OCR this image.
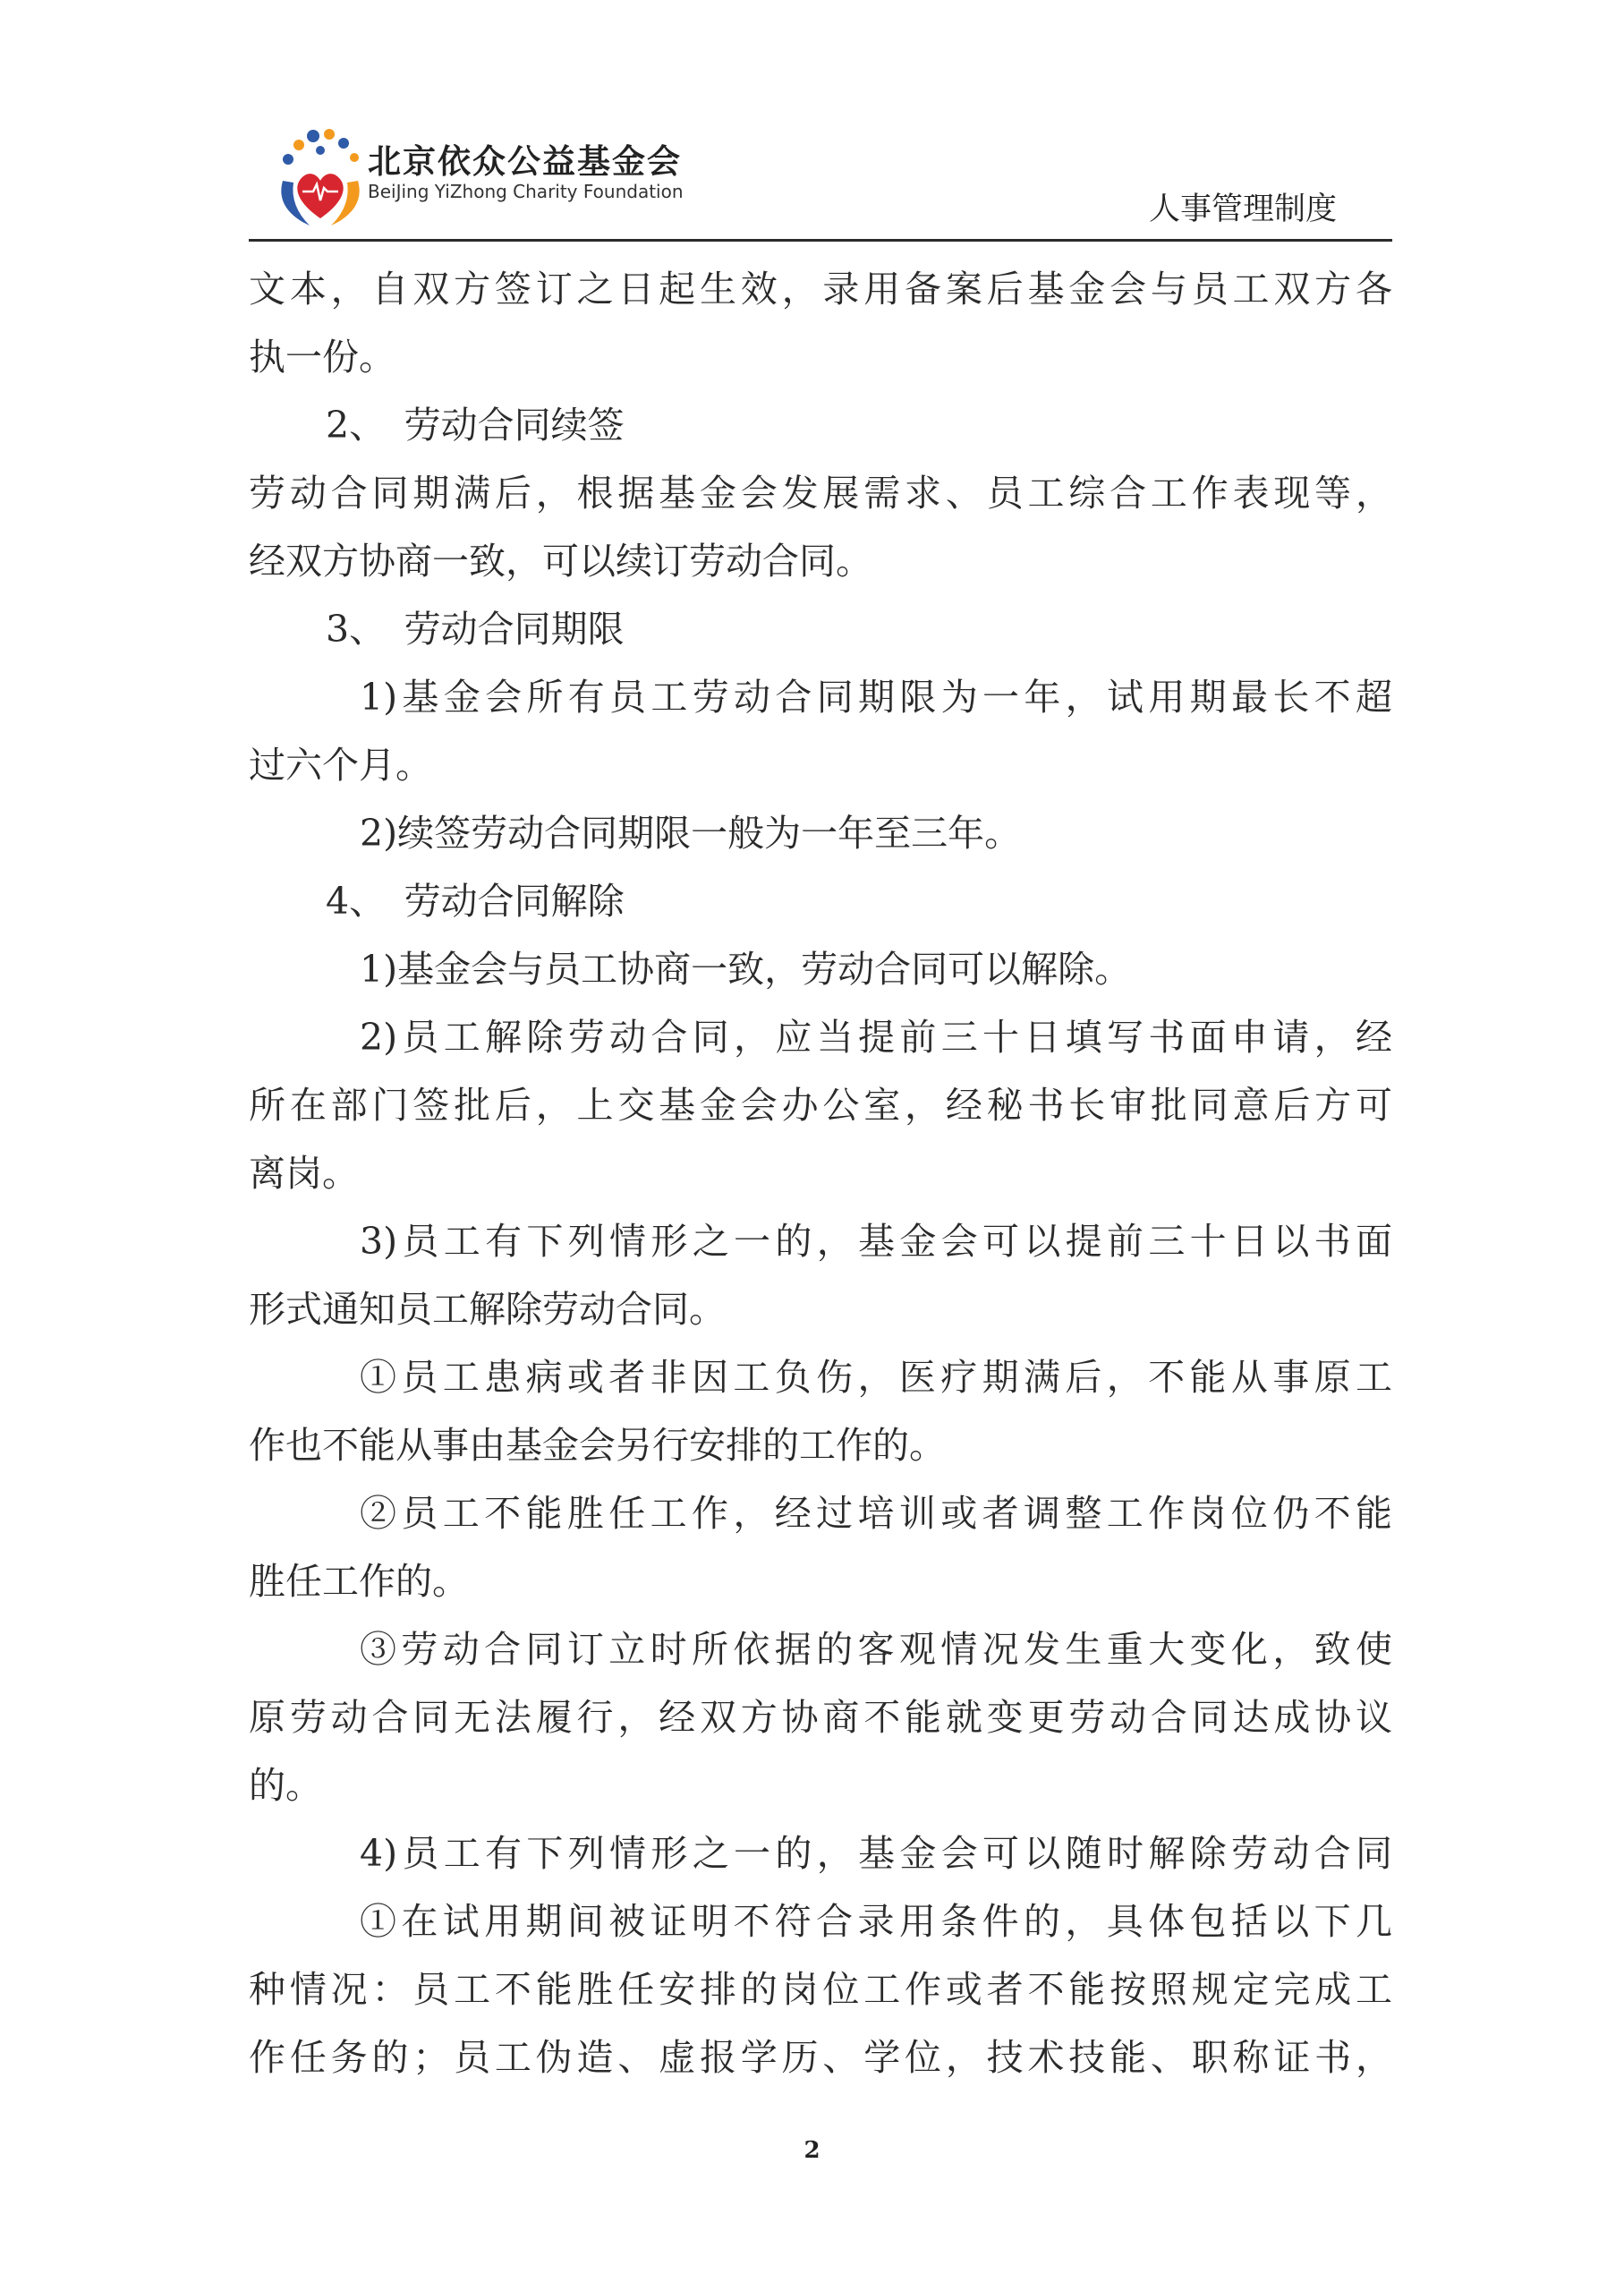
北京依众公益基金会
BeiJing YiZhong Charity Foundation	人事管理制度
文本，自双方签订之日起生效，录用备案后基金会与员工双方各
执一份。
2、　劳动合同续签
劳动合同期满后，根据基金会发展需求、员工综合工作表现等，
经双方协商一致，可以续订劳动合同。
3、　劳动合同期限
1)基金会所有员工劳动合同期限为一年，试用期最长不超
过六个月。
2)续签劳动合同期限一般为一年至三年。
4、　劳动合同解除
1)基金会与员工协商一致，劳动合同可以解除。
2)员工解除劳动合同，应当提前三十日填写书面申请，经
所在部门签批后，上交基金会办公室，经秘书长审批同意后方可
离岗。
3)员工有下列情形之一的，基金会可以提前三十日以书面
形式通知员工解除劳动合同。
①员工患病或者非因工负伤，医疗期满后，不能从事原工
作也不能从事由基金会另行安排的工作的。
②员工不能胜任工作，经过培训或者调整工作岗位仍不能
胜任工作的。
③劳动合同订立时所依据的客观情况发生重大变化，致使
原劳动合同无法履行，经双方协商不能就变更劳动合同达成协议
的。
4)员工有下列情形之一的，基金会可以随时解除劳动合同
①在试用期间被证明不符合录用条件的，具体包括以下几
种情况：员工不能胜任安排的岗位工作或者不能按照规定完成工
作任务的；员工伪造、虚报学历、学位，技术技能、职称证书，
2
